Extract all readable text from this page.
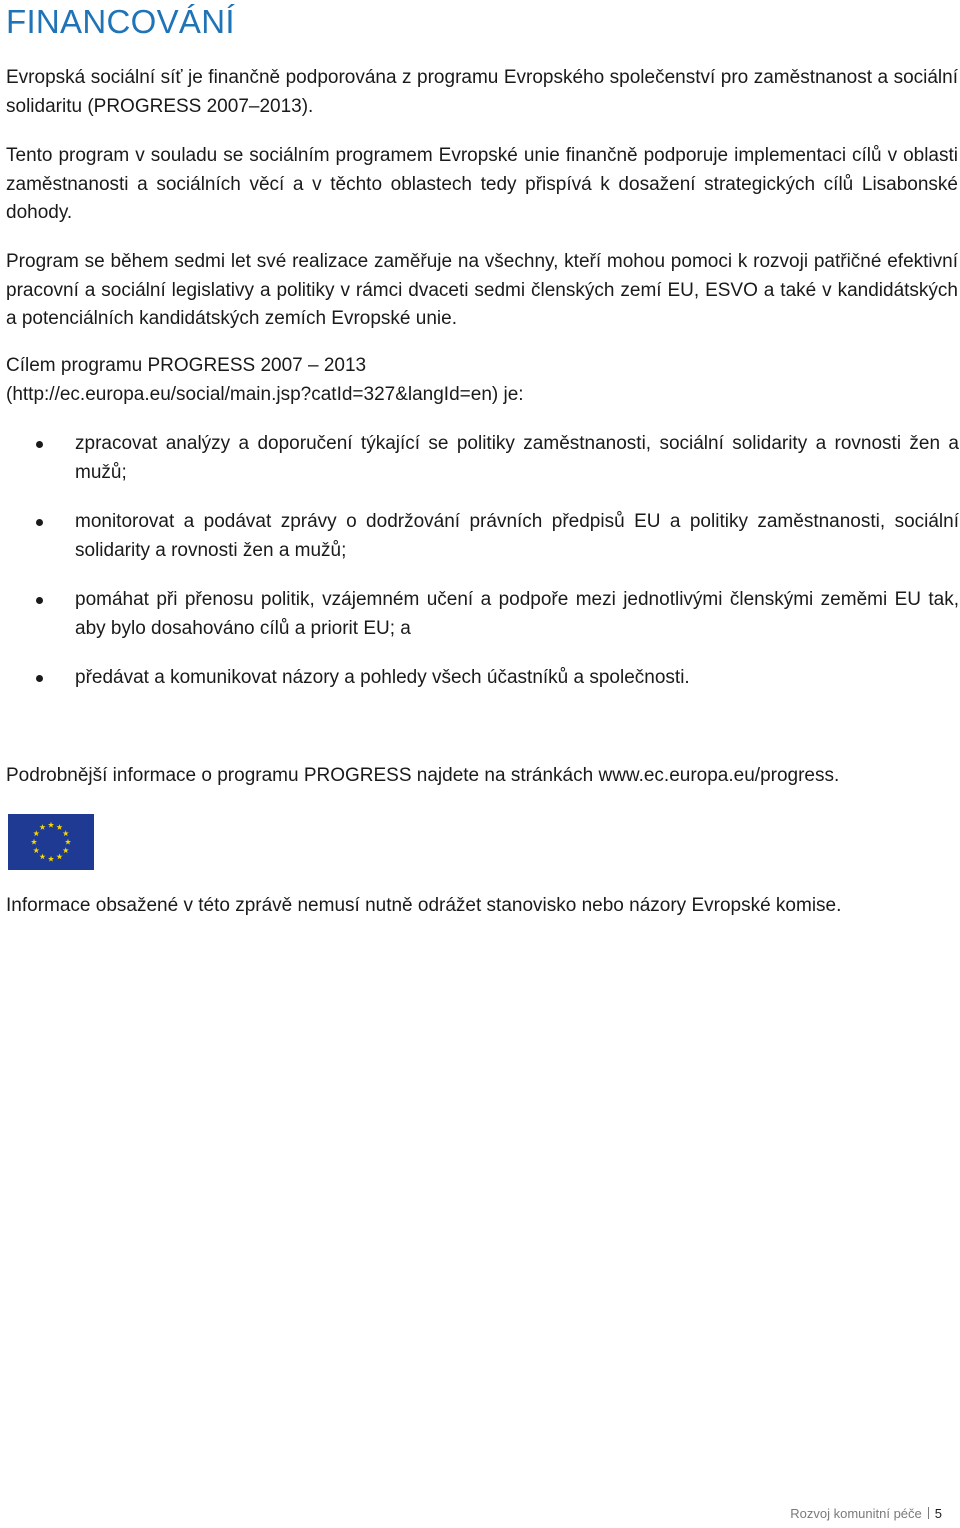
FINANCOVÁNÍ

Evropská sociální síť je finančně podporována z programu Evropského společenství pro zaměstnanost a sociální solidaritu (PROGRESS 2007–2013).

Tento program v souladu se sociálním programem Evropské unie finančně podporuje implementaci cílů v oblasti zaměstnanosti a sociálních věcí a v těchto oblastech tedy přispívá k dosažení strategických cílů Lisabonské dohody.

Program se během sedmi let své realizace zaměřuje na všechny, kteří mohou pomoci k rozvoji patřičné efektivní pracovní a sociální legislativy a politiky v rámci dvaceti sedmi členských zemí EU, ESVO a také v kandidátských a potenciálních kandidátských zemích Evropské unie.

Cílem programu PROGRESS 2007 – 2013
(http://ec.europa.eu/social/main.jsp?catId=327&langId=en) je:

zpracovat analýzy a doporučení týkající se politiky zaměstnanosti, sociální solidarity a rovnosti žen a mužů;
monitorovat a podávat zprávy o dodržování právních předpisů EU a politiky zaměstnanosti, sociální solidarity a rovnosti žen a mužů;
pomáhat při přenosu politik, vzájemném učení a podpoře mezi jednotlivými členskými zeměmi EU tak, aby bylo dosahováno cílů a priorit EU; a
předávat a komunikovat názory a pohledy všech účastníků a společnosti.

Podrobnější informace o programu PROGRESS najdete na stránkách www.ec.europa.eu/progress.

Informace obsažené v této zprávě nemusí nutně odrážet stanovisko nebo názory Evropské komise.

Rozvoj komunitní péče 5
